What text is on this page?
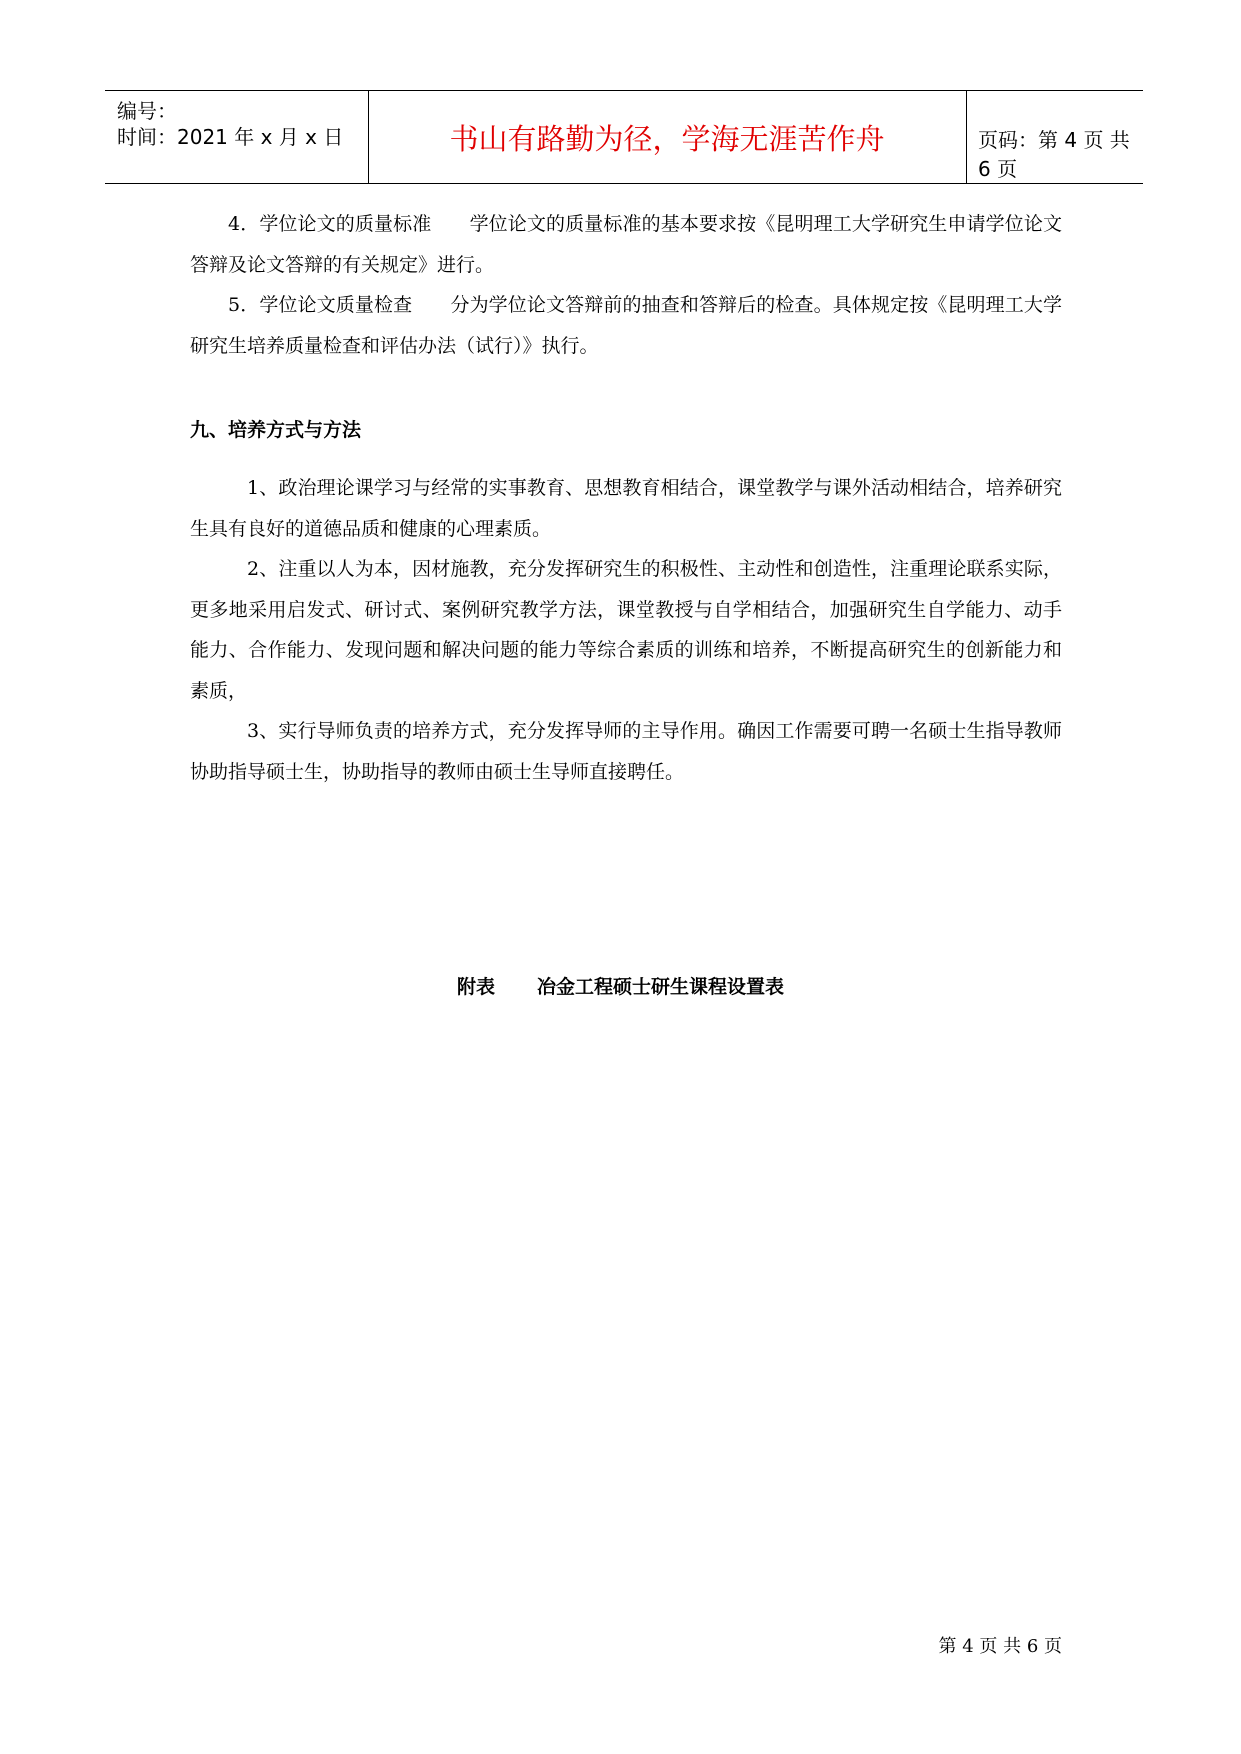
编号：
时间：2021 年 x 月 x 日	书山有路勤为径，学海无涯苦作舟	页码：第 4 页 共 6 页

4．学位论文的质量标准　　学位论文的质量标准的基本要求按《昆明理工大学研究生申请学位论文答辩及论文答辩的有关规定》进行。

5．学位论文质量检查　　分为学位论文答辩前的抽查和答辩后的检查。具体规定按《昆明理工大学研究生培养质量检查和评估办法（试行）》执行。

九、培养方式与方法

1、政治理论课学习与经常的实事教育、思想教育相结合，课堂教学与课外活动相结合，培养研究生具有良好的道德品质和健康的心理素质。

2、注重以人为本，因材施教，充分发挥研究生的积极性、主动性和创造性，注重理论联系实际，更多地采用启发式、研讨式、案例研究教学方法，课堂教授与自学相结合，加强研究生自学能力、动手能力、合作能力、发现问题和解决问题的能力等综合素质的训练和培养，不断提高研究生的创新能力和素质，

3、实行导师负责的培养方式，充分发挥导师的主导作用。确因工作需要可聘一名硕士生指导教师协助指导硕士生，协助指导的教师由硕士生导师直接聘任。

附表 冶金工程硕士研生课程设置表
第 4 页 共 6 页
